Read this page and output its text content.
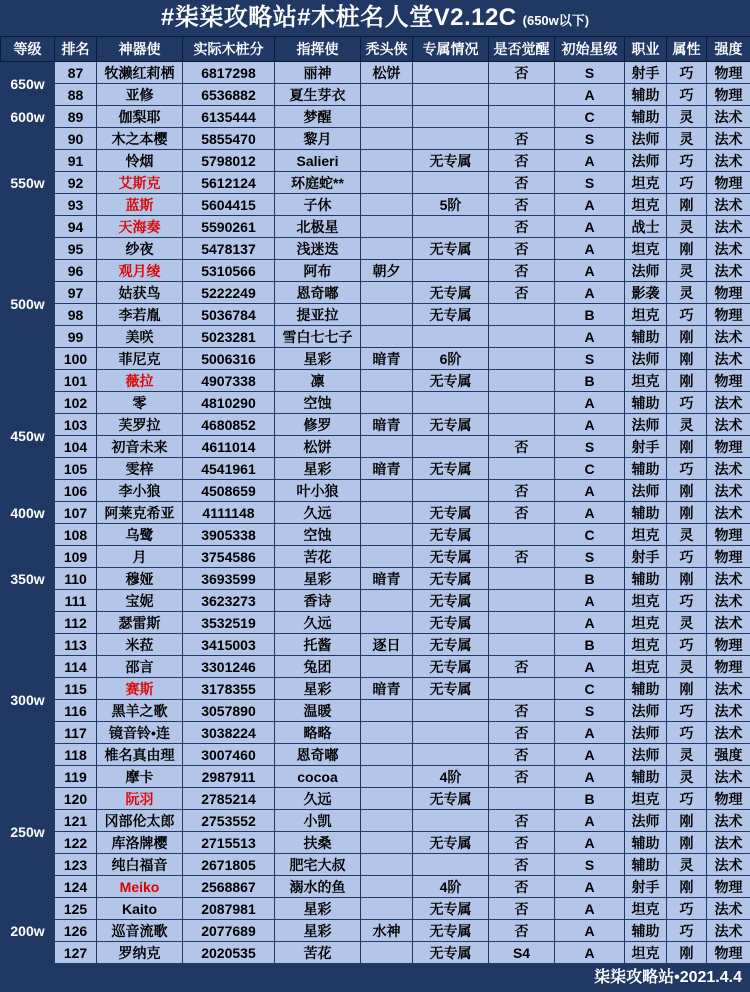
#柒柒攻略站#木桩名人堂V2.12C (650w以下)
等级	排名	神器使	实际木桩分	指挥使	秃头侠	专属情况	是否觉醒	初始星级	职业	属性	强度
650w	87	牧濑红莉栖	6817298	丽神	松饼		否	S	射手	巧	物理
	88	亚修	6536882	夏生芽衣				A	辅助	巧	物理
600w	89	伽梨耶	6135444	梦醒				C	辅助	灵	法术
550w	90	木之本樱	5855470	黎月			否	S	法师	灵	法术
	91	怜烟	5798012	Salieri		无专属	否	A	法师	巧	法术
	92	艾斯克	5612124	环庭蛇**			否	S	坦克	巧	物理
	93	蓝斯	5604415	子休		5阶	否	A	坦克	刚	法术
	94	天海奏	5590261	北极星			否	A	战士	灵	法术
500w	95	纱夜	5478137	浅迷迭		无专属	否	A	坦克	刚	法术
	96	观月绫	5310566	阿布	朝夕		否	A	法师	灵	法术
	97	姑获鸟	5222249	恩奇嘟		无专属	否	A	影袭	灵	物理
	98	李若胤	5036784	提亚拉		无专属		B	坦克	巧	物理
	99	美咲	5023281	雪白七七子				A	辅助	刚	法术
	100	菲尼克	5006316	星彩	暗青	6阶		S	法师	刚	法术
450w	101	薇拉	4907338	凛		无专属		B	坦克	刚	物理
	102	零	4810290	空蚀				A	辅助	巧	法术
	103	芙罗拉	4680852	修罗	暗青	无专属		A	法师	灵	法术
	104	初音未来	4611014	松饼			否	S	射手	刚	物理
	105	雯梓	4541961	星彩	暗青	无专属		C	辅助	巧	法术
	106	李小狼	4508659	叶小狼			否	A	法师	刚	法术
400w	107	阿莱克希亚	4111148	久远		无专属	否	A	辅助	刚	法术
350w	108	乌鹭	3905338	空蚀		无专属		C	坦克	灵	物理
	109	月	3754586	苦花		无专属	否	S	射手	巧	物理
	110	穆娅	3693599	星彩	暗青	无专属		B	辅助	刚	法术
	111	宝妮	3623273	香诗		无专属		A	坦克	巧	法术
	112	瑟雷斯	3532519	久远		无专属		A	坦克	灵	法术
300w	113	米菈	3415003	托酱	逐日	无专属		B	坦克	巧	物理
	114	邵言	3301246	兔团		无专属	否	A	坦克	灵	物理
	115	赛斯	3178355	星彩	暗青	无专属		C	辅助	刚	法术
	116	黑羊之歌	3057890	温暖			否	S	法师	巧	法术
	117	镜音铃•连	3038224	略略			否	A	法师	巧	法术
	118	椎名真由理	3007460	恩奇嘟			否	A	法师	灵	强度
250w	119	摩卡	2987911	cocoa		4阶	否	A	辅助	灵	法术
	120	阮羽	2785214	久远		无专属		B	坦克	巧	物理
	121	冈部伦太郎	2753552	小凯			否	A	法师	刚	法术
	122	库洛牌樱	2715513	扶桑		无专属	否	A	辅助	刚	法术
	123	纯白福音	2671805	肥宅大叔			否	S	辅助	灵	法术
	124	Meiko	2568867	溺水的鱼		4阶	否	A	射手	刚	物理
200w	125	Kaito	2087981	星彩		无专属	否	A	坦克	巧	法术
	126	巡音流歌	2077689	星彩	水神	无专属	否	A	辅助	巧	法术
	127	罗纳克	2020535	苦花		无专属	S4	A	坦克	刚	物理
柒柒攻略站•2021.4.4
